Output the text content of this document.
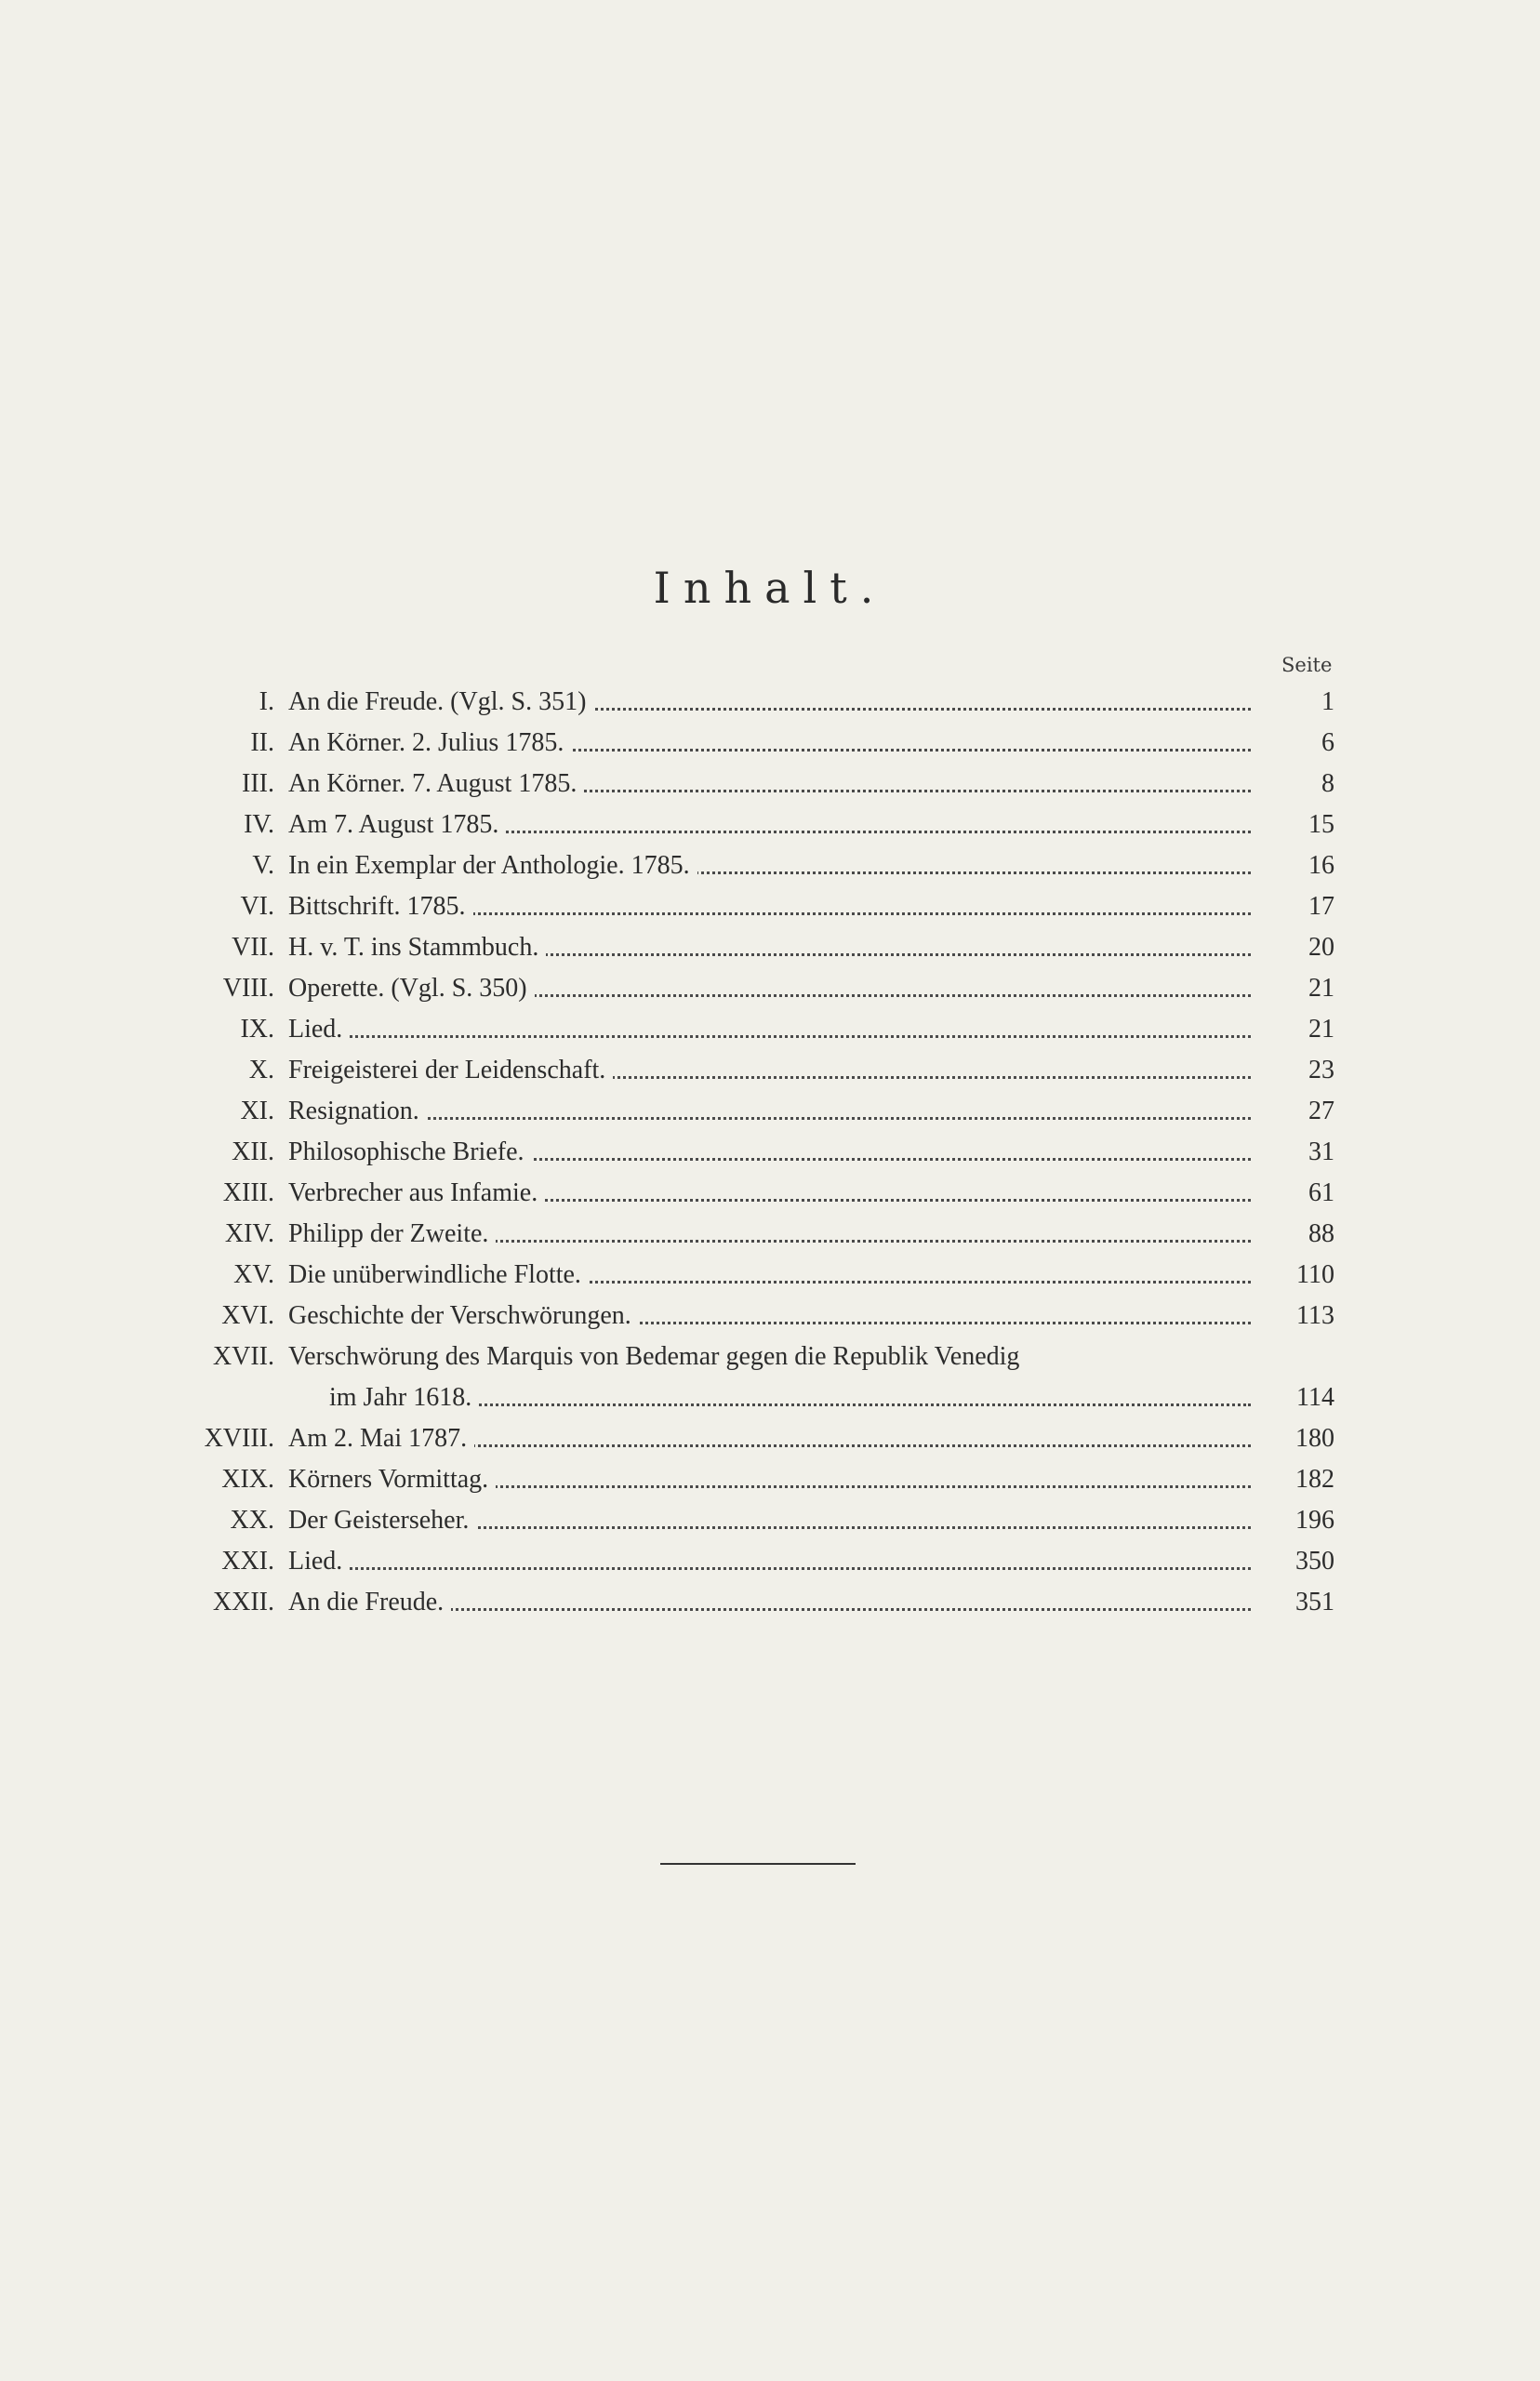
Inhalt.
Seite
I. An die Freude. (Vgl. S. 351)	1
II. An Körner. 2. Julius 1785.	6
III. An Körner. 7. August 1785.	8
IV. Am 7. August 1785.	15
V. In ein Exemplar der Anthologie. 1785.	16
VI. Bittschrift. 1785.	17
VII. H. v. T. ins Stammbuch.	20
VIII. Operette. (Vgl. S. 350)	21
IX. Lied.	21
X. Freigeisterei der Leidenschaft.	23
XI. Resignation.	27
XII. Philosophische Briefe.	31
XIII. Verbrecher aus Infamie.	61
XIV. Philipp der Zweite.	88
XV. Die unüberwindliche Flotte.	110
XVI. Geschichte der Verschwörungen.	113
XVII. Verschwörung des Marquis von Bedemar gegen die Republik Venedig
im Jahr 1618.	114
XVIII. Am 2. Mai 1787.	180
XIX. Körners Vormittag.	182
XX. Der Geisterseher.	196
XXI. Lied.	350
XXII. An die Freude.	351
